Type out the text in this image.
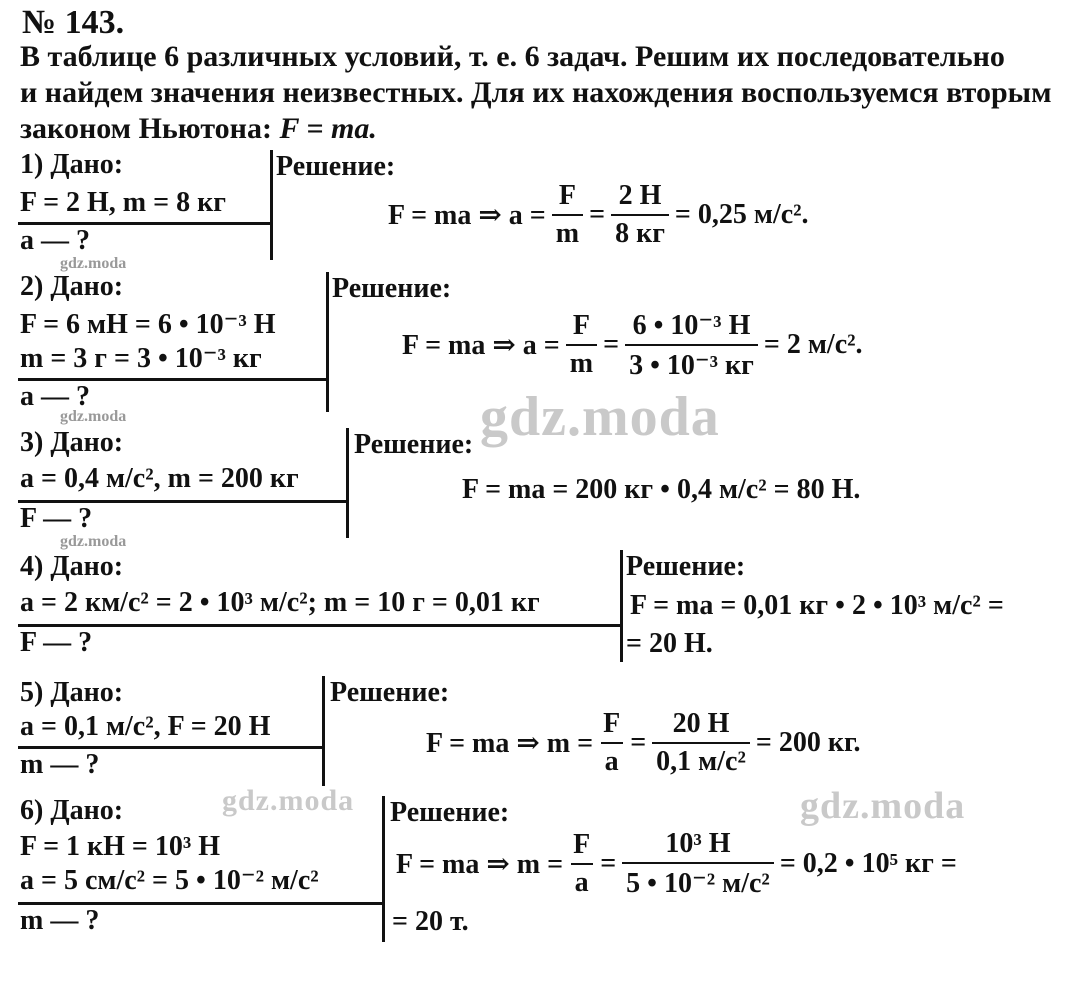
№ 143.
В таблице 6 различных условий, т. е. 6 задач. Решим их последовательно
и найдем значения неизвестных. Для их нахождения воспользуемся вторым
законом Ньютона: F = ma.
1) Дано:
F = 2 Н, m = 8 кг
a — ?
Решение:
F = ma ⇒ $a = \frac{F}{m} = \frac{2 Н}{8 кг} = 0,25$ м/с².
gdz.moda
2) Дано:
F = 6 мН = 6 • 10⁻³ Н
m = 3 г = 3 • 10⁻³ кг
a — ?
Решение:
F = ma ⇒ $a = \frac{F}{m} = \frac{\text{6 • 10⁻³ Н}}{\text{3 • 10⁻³ кг}} = 2$ м/с².
gdz.moda
gdz.moda
3) Дано:
a = 0,4 м/с², m = 200 кг
F — ?
Решение:
F = ma = 200 кг • 0,4 м/с² = 80 Н.
gdz.moda
4) Дано:
a = 2 км/с² = 2 • 10³ м/с²; m = 10 г = 0,01 кг
F — ?
Решение:
F = ma = 0,01 кг • 2 • 10³ м/с² =
= 20 Н.
5) Дано:
a = 0,1 м/с², F = 20 Н
m — ?
Решение:
F = ma ⇒ $m = \frac{F}{a} = \frac{20 Н}{\text{0,1 м/с²}} = 200$ кг.
6) Дано:
F = 1 кН = 10³ Н
a = 5 см/с² = 5 • 10⁻² м/с²
m — ?
Решение:
F = ma ⇒ $m = \frac{F}{a} = \frac{\text{10³ Н}}{\text{5 • 10⁻² м/с²}} = 0,2$ • 10⁵ кг =
= 20 т.
gdz.moda	gdz.moda
